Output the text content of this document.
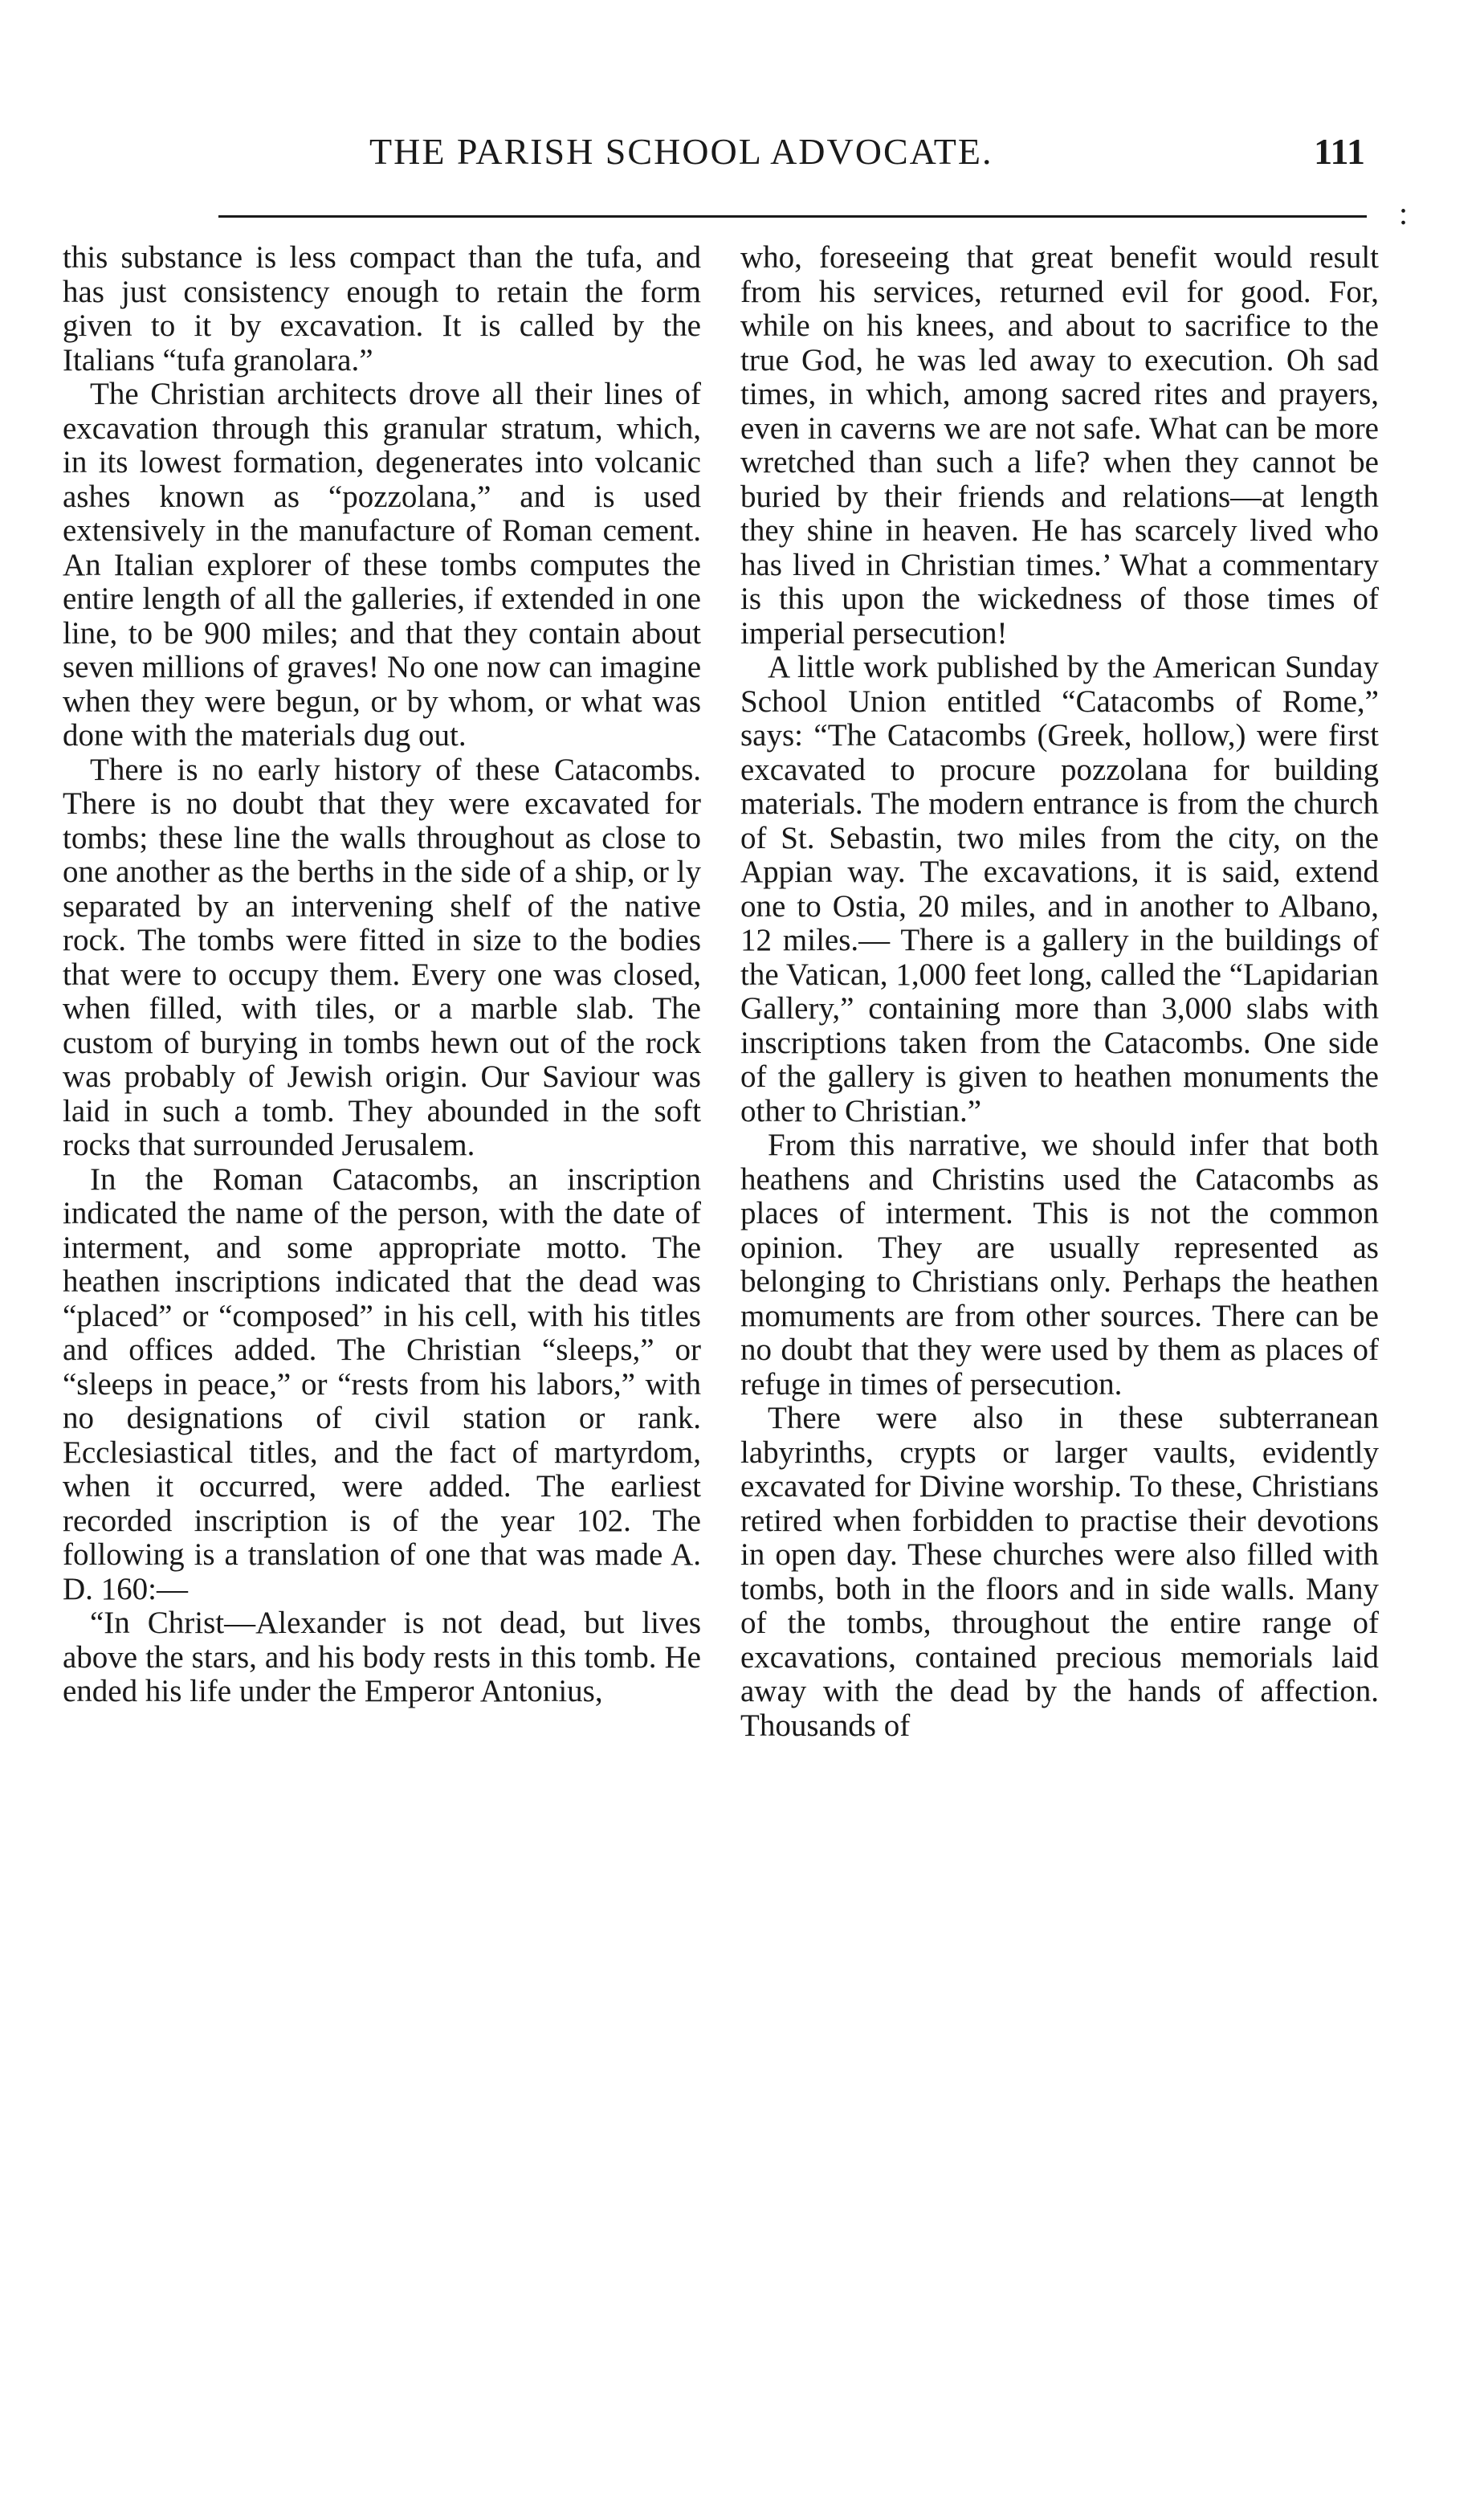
THE PARISH SCHOOL ADVOCATE.	111
:

this substance is less compact than the tufa, and has just consistency enough to retain the form given to it by excavation. It is called by the Italians “tufa granolara.”

The Christian architects drove all their lines of excavation through this granular stratum, which, in its lowest formation, degenerates into volcanic ashes known as “pozzolana,” and is used extensively in the manufacture of Roman cement. An Italian explorer of these tombs computes the entire length of all the galleries, if extended in one line, to be 900 miles; and that they contain about seven millions of graves! No one now can imagine when they were begun, or by whom, or what was done with the materials dug out.

There is no early history of these Catacombs. There is no doubt that they were excavated for tombs; these line the walls throughout as close to one another as the berths in the side of a ship, or ly separated by an intervening shelf of the native rock. The tombs were fitted in size to the bodies that were to occupy them. Every one was closed, when filled, with tiles, or a marble slab. The custom of burying in tombs hewn out of the rock was probably of Jewish origin. Our Saviour was laid in such a tomb. They abounded in the soft rocks that surrounded Jerusalem.

In the Roman Catacombs, an inscription indicated the name of the person, with the date of interment, and some appropriate motto. The heathen inscriptions indicated that the dead was “placed” or “composed” in his cell, with his titles and offices added. The Christian “sleeps,” or “sleeps in peace,” or “rests from his labors,” with no designations of civil station or rank. Ecclesiastical titles, and the fact of martyrdom, when it occurred, were added. The earliest recorded inscription is of the year 102. The following is a translation of one that was made A. D. 160:—

“In Christ—Alexander is not dead, but lives above the stars, and his body rests in this tomb. He ended his life under the Emperor Antonius,

who, foreseeing that great benefit would result from his services, returned evil for good. For, while on his knees, and about to sacrifice to the true God, he was led away to execution. Oh sad times, in which, among sacred rites and prayers, even in caverns we are not safe. What can be more wretched than such a life? when they cannot be buried by their friends and relations—at length they shine in heaven. He has scarcely lived who has lived in Christian times.’ What a commentary is this upon the wickedness of those times of imperial persecution!

A little work published by the American Sunday School Union entitled “Catacombs of Rome,” says: “The Catacombs (Greek, hollow,) were first excavated to procure pozzolana for building materials. The modern entrance is from the church of St. Sebastin, two miles from the city, on the Appian way. The excavations, it is said, extend one to Ostia, 20 miles, and in another to Albano, 12 miles.— There is a gallery in the buildings of the Vatican, 1,000 feet long, called the “Lapidarian Gallery,” containing more than 3,000 slabs with inscriptions taken from the Catacombs. One side of the gallery is given to heathen monuments the other to Christian.”

From this narrative, we should infer that both heathens and Christins used the Catacombs as places of interment. This is not the common opinion. They are usually represented as belonging to Christians only. Perhaps the heathen momuments are from other sources. There can be no doubt that they were used by them as places of refuge in times of persecution.

There were also in these subterranean labyrinths, crypts or larger vaults, evidently excavated for Divine worship. To these, Christians retired when forbidden to practise their devotions in open day. These churches were also filled with tombs, both in the floors and in side walls. Many of the tombs, throughout the entire range of excavations, contained precious memorials laid away with the dead by the hands of affection. Thousands of
